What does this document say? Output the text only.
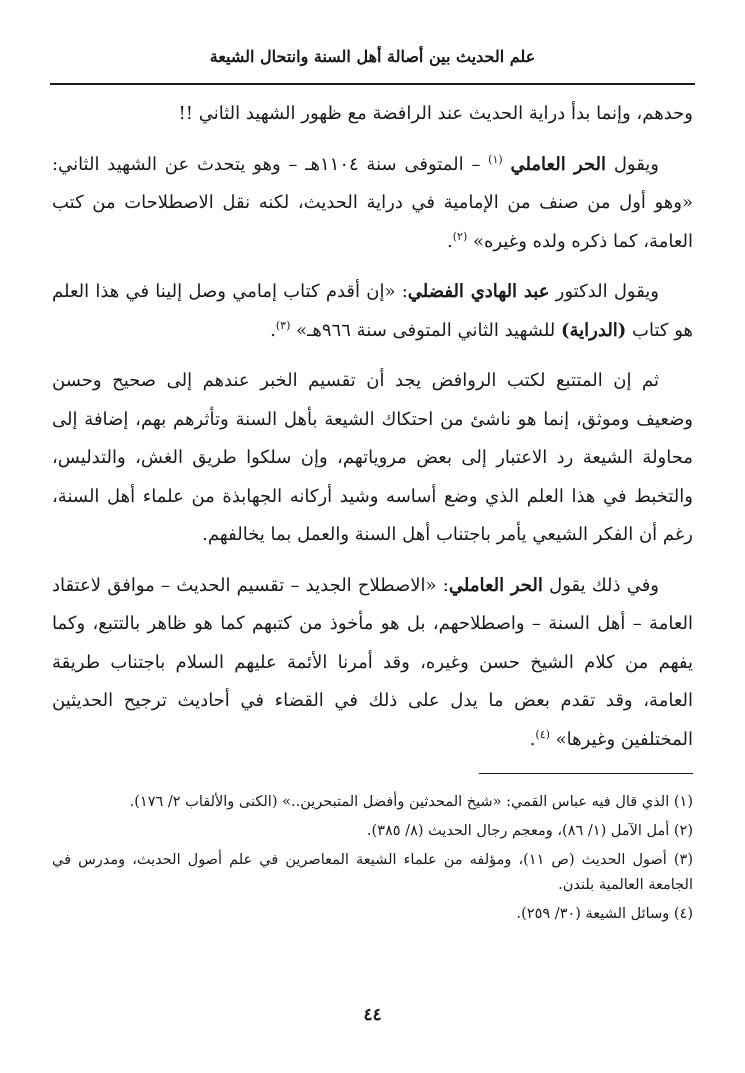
علم الحديث بين أصالة أهل السنة وانتحال الشيعة

وحدهم، وإنما بدأ دراية الحديث عند الرافضة مع ظهور الشهيد الثاني !!

ويقول الحر العاملي $^{(١)}$ – المتوفى سنة ١١٠٤هـ – وهو يتحدث عن الشهيد الثاني: «وهو أول من صنف من الإمامية في دراية الحديث، لكنه نقل الاصطلاحات من كتب العامة، كما ذكره ولده وغيره» $^{(٢)}$.

ويقول الدكتور عبد الهادي الفضلي: «إن أقدم كتاب إمامي وصل إلينا في هذا العلم هو كتاب (الدراية) للشهيد الثاني المتوفى سنة ٩٦٦هـ» $^{(٣)}$.

ثم إن المتتبع لكتب الروافض يجد أن تقسيم الخبر عندهم إلى صحيح وحسن وضعيف وموثق، إنما هو ناشئ من احتكاك الشيعة بأهل السنة وتأثرهم بهم، إضافة إلى محاولة الشيعة رد الاعتبار إلى بعض مروياتهم، وإن سلكوا طريق الغش، والتدليس، والتخبط في هذا العلم الذي وضع أساسه وشيد أركانه الجهابذة من علماء أهل السنة، رغم أن الفكر الشيعي يأمر باجتناب أهل السنة والعمل بما يخالفهم.

وفي ذلك يقول الحر العاملي: «الاصطلاح الجديد – تقسيم الحديث – موافق لاعتقاد العامة – أهل السنة – واصطلاحهم، بل هو مأخوذ من كتبهم كما هو ظاهر بالتتبع، وكما يفهم من كلام الشيخ حسن وغيره، وقد أمرنا الأئمة عليهم السلام باجتناب طريقة العامة، وقد تقدم بعض ما يدل على ذلك في القضاء في أحاديث ترجيح الحديثين المختلفين وغيرها» $^{(٤)}$.

(١) الذي قال فيه عباس القمي: «شيخ المحدثين وأفضل المتبحرين..» (الكنى والألقاب ٢/ ١٧٦).

(٢) أمل الآمل (١/ ٨٦)، ومعجم رجال الحديث (٨/ ٣٨٥).

(٣) أصول الحديث (ص ١١)، ومؤلفه من علماء الشيعة المعاصرين في علم أصول الحديث، ومدرس في الجامعة العالمية بلندن.

(٤) وسائل الشيعة (٣٠/ ٢٥٩).

٤٤
